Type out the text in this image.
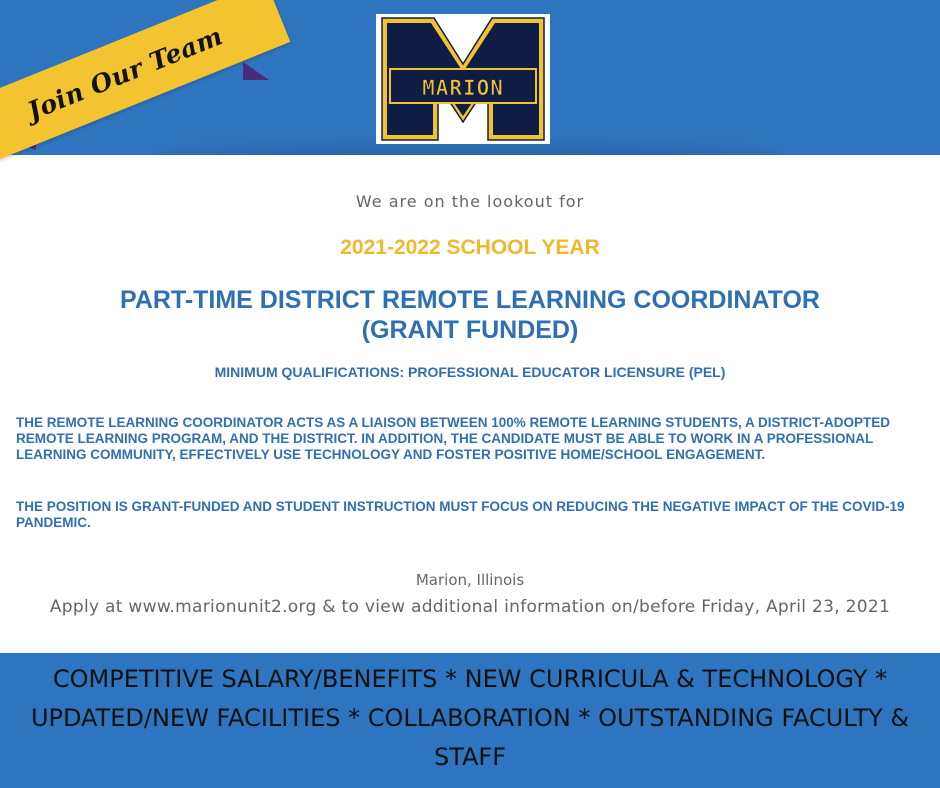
Join Our Team	MARION
We are on the lookout for
2021-2022 SCHOOL YEAR
PART-TIME DISTRICT REMOTE LEARNING COORDINATOR
(GRANT FUNDED)
MINIMUM QUALIFICATIONS: PROFESSIONAL EDUCATOR LICENSURE (PEL)
THE REMOTE LEARNING COORDINATOR ACTS AS A LIAISON BETWEEN 100% REMOTE LEARNING STUDENTS, A DISTRICT-ADOPTED REMOTE LEARNING PROGRAM, AND THE DISTRICT. IN ADDITION, THE CANDIDATE MUST BE ABLE TO WORK IN A PROFESSIONAL LEARNING COMMUNITY, EFFECTIVELY USE TECHNOLOGY AND FOSTER POSITIVE HOME/SCHOOL ENGAGEMENT.
THE POSITION IS GRANT-FUNDED AND STUDENT INSTRUCTION MUST FOCUS ON REDUCING THE NEGATIVE IMPACT OF THE COVID-19 PANDEMIC.
Marion, Illinois
Apply at www.marionunit2.org & to view additional information on/before Friday, April 23, 2021
COMPETITIVE SALARY/BENEFITS * NEW CURRICULA & TECHNOLOGY * UPDATED/NEW FACILITIES * COLLABORATION * OUTSTANDING FACULTY & STAFF
